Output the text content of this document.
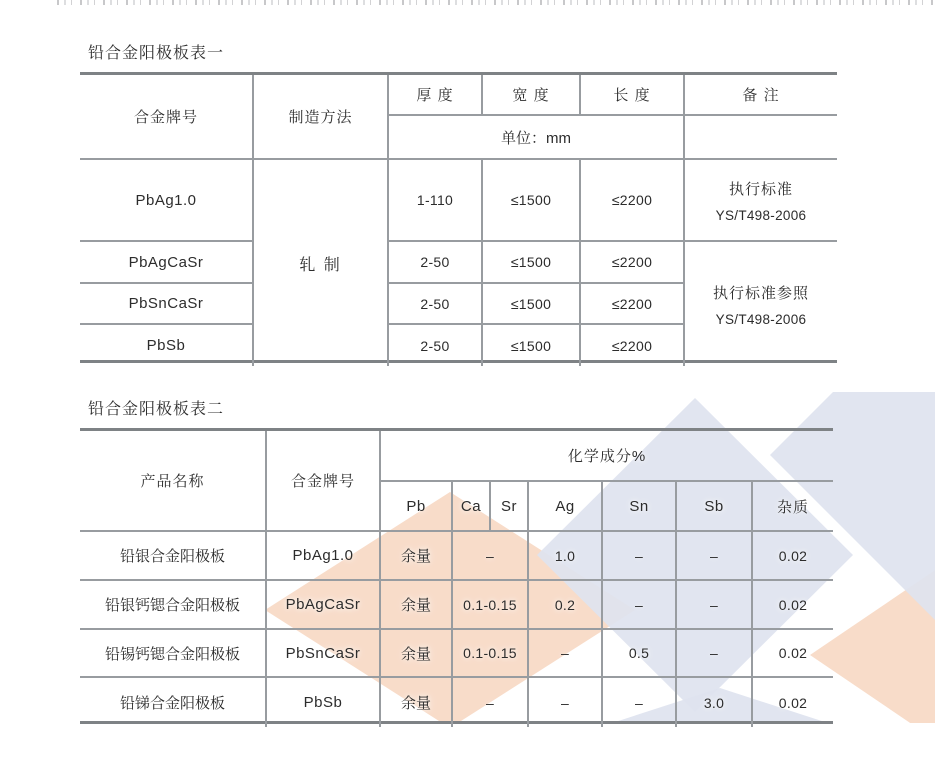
铅合金阳极板表一
合金牌号	制造方法	厚 度	宽 度	长 度	备 注
		单位：mm			
PbAg1.0	轧 制	1-110	≤1500	≤2200	执行标准
YS/T498-2006

PbAgCaSr		2-50	≤1500	≤2200	执行标准参照
YS/T498-2006

PbSnCaSr		2-50	≤1500	≤2200	
PbSb		2-50	≤1500	≤2200	
铅合金阳极板表二
产品名称	合金牌号	化学成分%						
		Pb	Ca	Sr	Ag	Sn	Sb	杂质
铅银合金阳极板	PbAg1.0	余量	–		1.0	–	–	0.02
铅银钙锶合金阳极板	PbAgCaSr	余量	0.1-0.15		0.2	–	–	0.02
铅锡钙锶合金阳极板	PbSnCaSr	余量	0.1-0.15		–	0.5	–	0.02
铅锑合金阳极板	PbSb	余量	–		–	–	3.0	0.02
